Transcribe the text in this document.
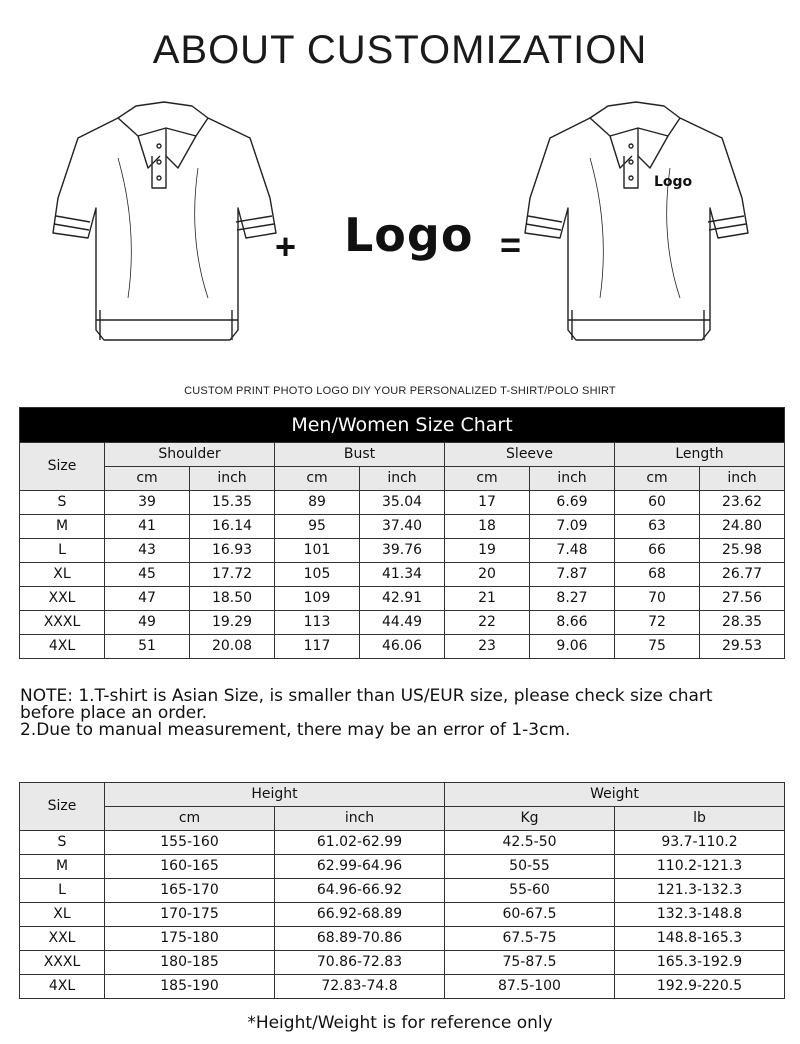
ABOUT CUSTOMIZATION
+ Logo =
Logo
CUSTOM PRINT PHOTO LOGO DIY YOUR PERSONALIZED T-SHIRT/POLO SHIRT
Men/Women Size Chart								
Size	Shoulder		Bust		Sleeve		Length	
	cm	inch	cm	inch	cm	inch	cm	inch
S	39	15.35	89	35.04	17	6.69	60	23.62
M	41	16.14	95	37.40	18	7.09	63	24.80
L	43	16.93	101	39.76	19	7.48	66	25.98
XL	45	17.72	105	41.34	20	7.87	68	26.77
XXL	47	18.50	109	42.91	21	8.27	70	27.56
XXXL	49	19.29	113	44.49	22	8.66	72	28.35
4XL	51	20.08	117	46.06	23	9.06	75	29.53
NOTE: 1.T-shirt is Asian Size, is smaller than US/EUR size, please check size chart
before place an order.
2.Due to manual measurement, there may be an error of 1-3cm.
Size	Height		Weight	
	cm	inch	Kg	lb
S	155-160	61.02-62.99	42.5-50	93.7-110.2
M	160-165	62.99-64.96	50-55	110.2-121.3
L	165-170	64.96-66.92	55-60	121.3-132.3
XL	170-175	66.92-68.89	60-67.5	132.3-148.8
XXL	175-180	68.89-70.86	67.5-75	148.8-165.3
XXXL	180-185	70.86-72.83	75-87.5	165.3-192.9
4XL	185-190	72.83-74.8	87.5-100	192.9-220.5
*Height/Weight is for reference only
